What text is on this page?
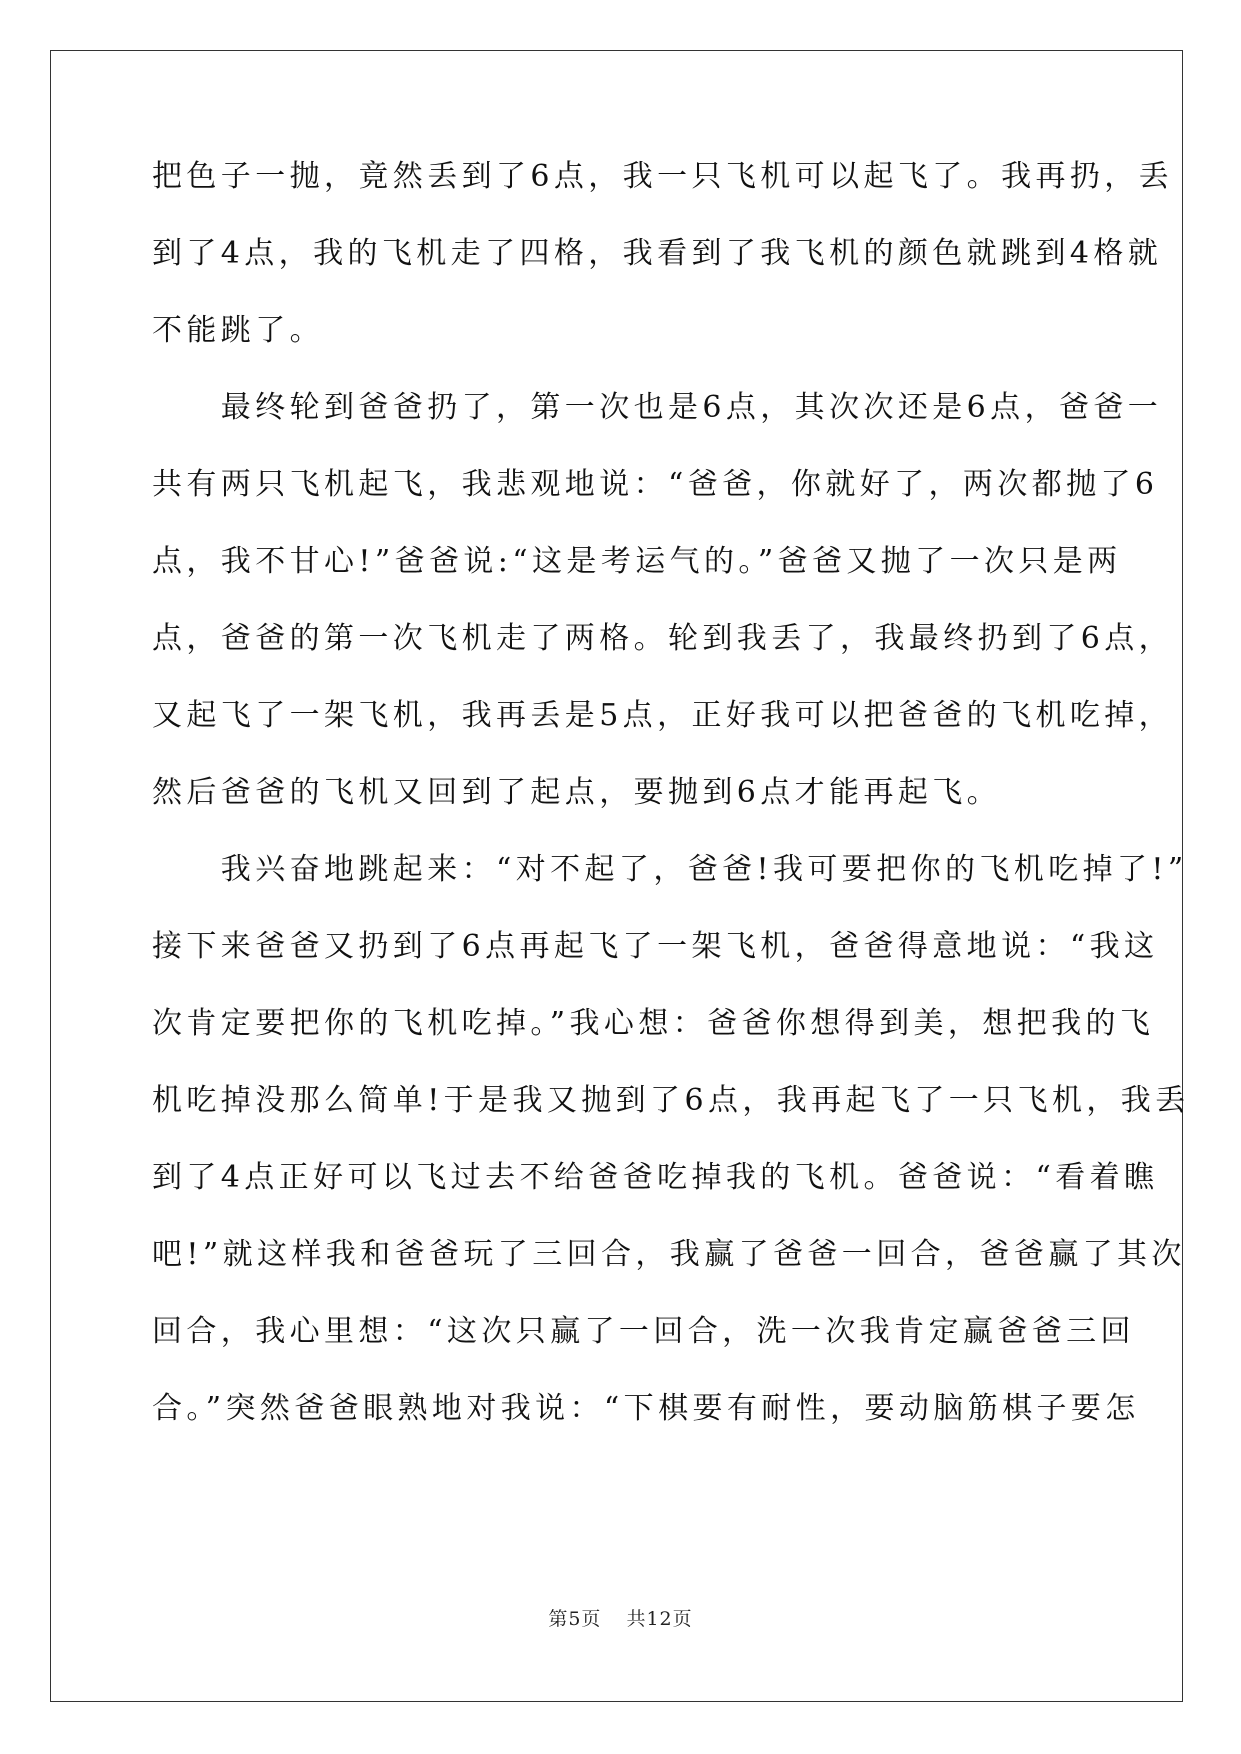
把色子一抛，竟然丢到了6点，我一只飞机可以起飞了。我再扔，丢
到了4点，我的飞机走了四格，我看到了我飞机的颜色就跳到4格就
不能跳了。
　　最终轮到爸爸扔了，第一次也是6点，其次次还是6点，爸爸一
共有两只飞机起飞，我悲观地说：“爸爸，你就好了，两次都抛了6
点，我不甘心!”爸爸说:“这是考运气的。”爸爸又抛了一次只是两
点，爸爸的第一次飞机走了两格。轮到我丢了，我最终扔到了6点，
又起飞了一架飞机，我再丢是5点，正好我可以把爸爸的飞机吃掉，
然后爸爸的飞机又回到了起点，要抛到6点才能再起飞。
　　我兴奋地跳起来：“对不起了，爸爸!我可要把你的飞机吃掉了!”
接下来爸爸又扔到了6点再起飞了一架飞机，爸爸得意地说：“我这
次肯定要把你的飞机吃掉。”我心想：爸爸你想得到美，想把我的飞
机吃掉没那么简单!于是我又抛到了6点，我再起飞了一只飞机，我丢
到了4点正好可以飞过去不给爸爸吃掉我的飞机。爸爸说：“看着瞧
吧!”就这样我和爸爸玩了三回合，我赢了爸爸一回合，爸爸赢了其次
回合，我心里想：“这次只赢了一回合，洗一次我肯定赢爸爸三回
合。”突然爸爸眼熟地对我说：“下棋要有耐性，要动脑筋棋子要怎
第5页 共12页
